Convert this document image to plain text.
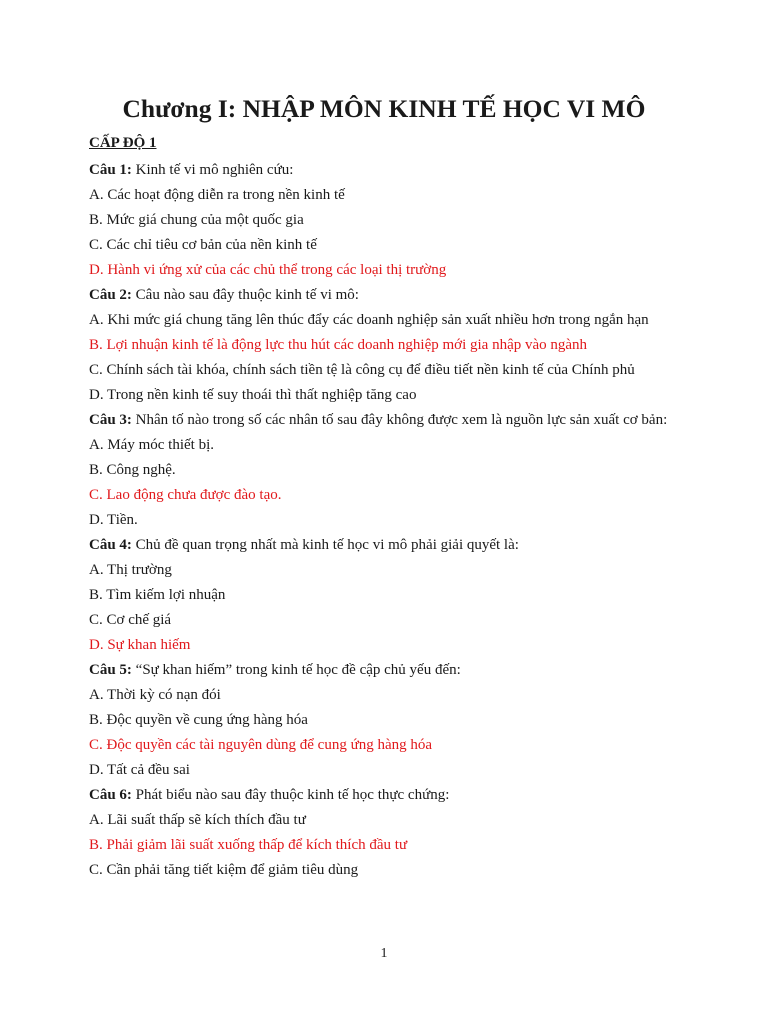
Chương I: NHẬP MÔN KINH TẾ HỌC VI MÔ
CẤP ĐỘ 1
Câu 1: Kinh tế vi mô nghiên cứu:
A. Các hoạt động diễn ra trong nền kinh tế
B. Mức giá chung của một quốc gia
C. Các chỉ tiêu cơ bản của nền kinh tế
D. Hành vi ứng xử của các chủ thể trong các loại thị trường
Câu 2: Câu nào sau đây thuộc kinh tế vi mô:
A. Khi mức giá chung tăng lên thúc đẩy các doanh nghiệp sản xuất nhiều hơn trong ngắn hạn
B. Lợi nhuận kinh tế là động lực thu hút các doanh nghiệp mới gia nhập vào ngành
C. Chính sách tài khóa, chính sách tiền tệ là công cụ để điều tiết nền kinh tế của Chính phủ
D. Trong nền kinh tế suy thoái thì thất nghiệp tăng cao
Câu 3: Nhân tố nào trong số các nhân tố sau đây không được xem là nguồn lực sản xuất cơ bản:
A. Máy móc thiết bị.
B. Công nghệ.
C. Lao động chưa được đào tạo.
D. Tiền.
Câu 4: Chủ đề quan trọng nhất mà kinh tế học vi mô phải giải quyết là:
A. Thị trường
B. Tìm kiếm lợi nhuận
C. Cơ chế giá
D. Sự khan hiếm
Câu 5: “Sự khan hiếm” trong kinh tế học đề cập chủ yếu đến:
A. Thời kỳ có nạn đói
B. Độc quyền về cung ứng hàng hóa
C. Độc quyền các tài nguyên dùng để cung ứng hàng hóa
D. Tất cả đều sai
Câu 6: Phát biểu nào sau đây thuộc kinh tế học thực chứng:
A. Lãi suất thấp sẽ kích thích đầu tư
B. Phải giảm lãi suất xuống thấp để kích thích đầu tư
C. Cần phải tăng tiết kiệm để giảm tiêu dùng
1
